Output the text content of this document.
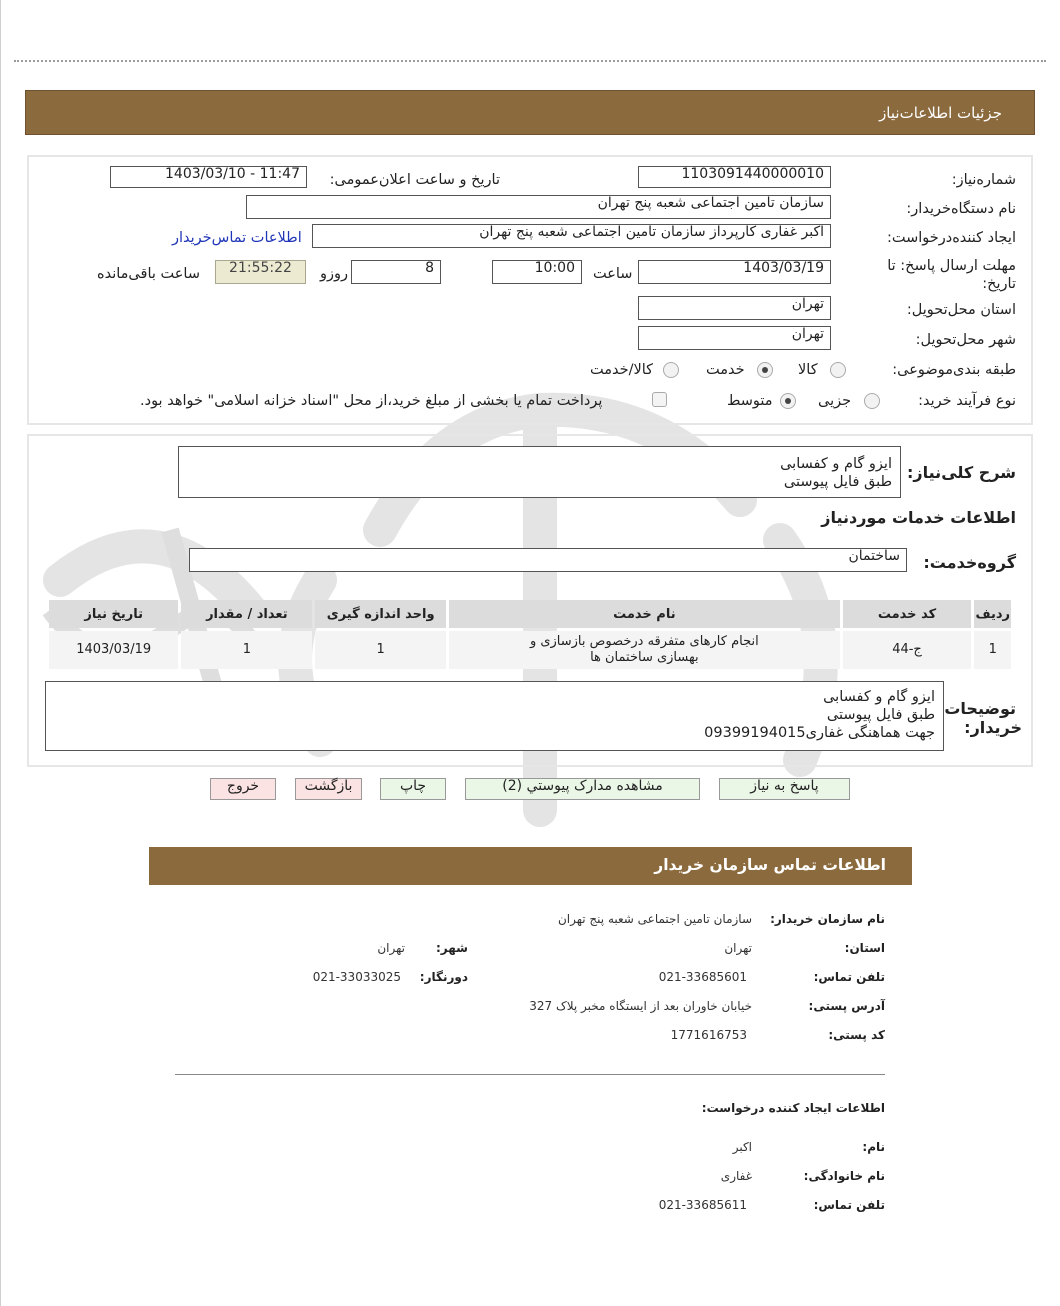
جزئیات اطلاعات‌نیاز
شماره‌نیاز:
1103091440000010
تاریخ و ساعت اعلان‌عمومی:
1403/03/10 - 11:47
نام دستگاه‌خریدار:
سازمان تامین اجتماعی شعبه پنج تهران
ایجاد کننده‌درخواست:
اکبر غفاری کارپرداز سازمان تامین اجتماعی شعبه پنج تهران
اطلاعات تماس‌خریدار
مهلت ارسال پاسخ: تا
تاریخ:
1403/03/19
ساعت
10:00
8
روزو
21:55:22
ساعت باقی‌مانده
استان محل‌تحویل:
تهران
شهر محل‌تحویل:
تهران
طبقه بندی‌موضوعی:
کالا
خدمت
کالا/خدمت
نوع فرآیند خرید:
جزیی
متوسط
پرداخت تمام یا بخشی از مبلغ خرید،از محل "اسناد خزانه اسلامی" خواهد بود.
شرح کلی‌نیاز:
ایزو گام و کفسابی
طبق فایل پیوستی
اطلاعات خدمات موردنیاز
گروه‌خدمت:
ساختمان
ردیف	کد خدمت	نام خدمت	واحد اندازه گیری	تعداد / مقدار	تاریخ نیاز
1	ج-44	انجام کارهای متفرقه درخصوص بازسازی و بهسازی ساختمان ها	1	1	1403/03/19
توضیحات
خریدار:
ایزو گام و کفسابی
طبق فایل پیوستی
جهت هماهنگی غفاری09399194015
پاسخ به نیاز
مشاهده مدارک پیوستي (2)
چاپ
بازگشت
خروج
اطلاعات تماس سازمان خریدار
نام سازمان خریدار:
سازمان تامین اجتماعی شعبه پنج تهران
استان:
تهران
شهر:
تهران
تلفن تماس:
021-33685601
دورنگار:
021-33033025
آدرس پستی:
خیابان خاوران بعد از ایستگاه مخبر پلاک 327
کد پستی:
1771616753
اطلاعات ایجاد کننده درخواست:
نام:
اکبر
نام خانوادگی:
غفاری
تلفن تماس:
021-33685611
